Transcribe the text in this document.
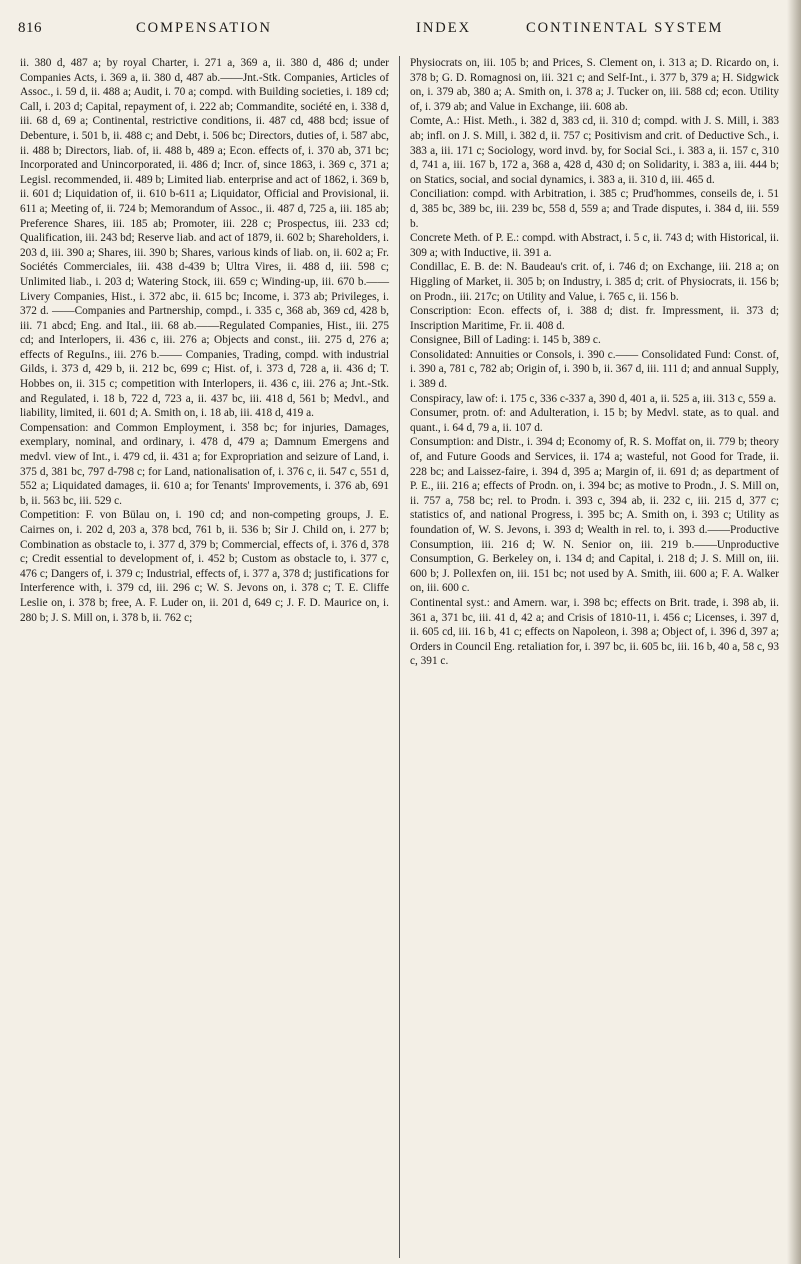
816	COMPENSATION	INDEX	CONTINENTAL SYSTEM

ii. 380 d, 487 a; by royal Charter, i. 271 a, 369 a, ii. 380 d, 486 d; under Companies Acts, i. 369 a, ii. 380 d, 487 ab.——Jnt.-Stk. Companies, Articles of Assoc., i. 59 d, ii. 488 a; Audit, i. 70 a; compd. with Building societies, i. 189 cd; Call, i. 203 d; Capital, repayment of, i. 222 ab; Commandite, société en, i. 338 d, iii. 68 d, 69 a; Continental, restrictive conditions, ii. 487 cd, 488 bcd; issue of Debenture, i. 501 b, ii. 488 c; and Debt, i. 506 bc; Directors, duties of, i. 587 abc, ii. 488 b; Directors, liab. of, ii. 488 b, 489 a; Econ. effects of, i. 370 ab, 371 bc; Incorporated and Unincorporated, ii. 486 d; Incr. of, since 1863, i. 369 c, 371 a; Legisl. recommended, ii. 489 b; Limited liab. enterprise and act of 1862, i. 369 b, ii. 601 d; Liquidation of, ii. 610 b-611 a; Liquidator, Official and Provisional, ii. 611 a; Meeting of, ii. 724 b; Memorandum of Assoc., ii. 487 d, 725 a, iii. 185 ab; Preference Shares, iii. 185 ab; Promoter, iii. 228 c; Prospectus, iii. 233 cd; Qualification, iii. 243 bd; Reserve liab. and act of 1879, ii. 602 b; Shareholders, i. 203 d, iii. 390 a; Shares, iii. 390 b; Shares, various kinds of liab. on, ii. 602 a; Fr. Sociétés Commerciales, iii. 438 d-439 b; Ultra Vires, ii. 488 d, iii. 598 c; Unlimited liab., i. 203 d; Watering Stock, iii. 659 c; Winding-up, iii. 670 b.—— Livery Companies, Hist., i. 372 abc, ii. 615 bc; Income, i. 373 ab; Privileges, i. 372 d. ——Companies and Partnership, compd., i. 335 c, 368 ab, 369 cd, 428 b, iii. 71 abcd; Eng. and Ital., iii. 68 ab.——Regulated Companies, Hist., iii. 275 cd; and Interlopers, ii. 436 c, iii. 276 a; Objects and const., iii. 275 d, 276 a; effects of ReguIns., iii. 276 b.—— Companies, Trading, compd. with industrial Gilds, i. 373 d, 429 b, ii. 212 bc, 699 c; Hist. of, i. 373 d, 728 a, ii. 436 d; T. Hobbes on, ii. 315 c; competition with Interlopers, ii. 436 c, iii. 276 a; Jnt.-Stk. and Regulated, i. 18 b, 722 d, 723 a, ii. 437 bc, iii. 418 d, 561 b; Medvl., and liability, limited, ii. 601 d; A. Smith on, i. 18 ab, iii. 418 d, 419 a.

Compensation: and Common Employment, i. 358 bc; for injuries, Damages, exemplary, nominal, and ordinary, i. 478 d, 479 a; Damnum Emergens and medvl. view of Int., i. 479 cd, ii. 431 a; for Expropriation and seizure of Land, i. 375 d, 381 bc, 797 d-798 c; for Land, nationalisation of, i. 376 c, ii. 547 c, 551 d, 552 a; Liquidated damages, ii. 610 a; for Tenants' Improvements, i. 376 ab, 691 b, ii. 563 bc, iii. 529 c.

Competition: F. von Bülau on, i. 190 cd; and non-competing groups, J. E. Cairnes on, i. 202 d, 203 a, 378 bcd, 761 b, ii. 536 b; Sir J. Child on, i. 277 b; Combination as obstacle to, i. 377 d, 379 b; Commercial, effects of, i. 376 d, 378 c; Credit essential to development of, i. 452 b; Custom as obstacle to, i. 377 c, 476 c; Dangers of, i. 379 c; Industrial, effects of, i. 377 a, 378 d; justifications for Interference with, i. 379 cd, iii. 296 c; W. S. Jevons on, i. 378 c; T. E. Cliffe Leslie on, i. 378 b; free, A. F. Luder on, ii. 201 d, 649 c; J. F. D. Maurice on, i. 280 b; J. S. Mill on, i. 378 b, ii. 762 c;

Physiocrats on, iii. 105 b; and Prices, S. Clement on, i. 313 a; D. Ricardo on, i. 378 b; G. D. Romagnosi on, iii. 321 c; and Self-Int., i. 377 b, 379 a; H. Sidgwick on, i. 379 ab, 380 a; A. Smith on, i. 378 a; J. Tucker on, iii. 588 cd; econ. Utility of, i. 379 ab; and Value in Exchange, iii. 608 ab.

Comte, A.: Hist. Meth., i. 382 d, 383 cd, ii. 310 d; compd. with J. S. Mill, i. 383 ab; infl. on J. S. Mill, i. 382 d, ii. 757 c; Positivism and crit. of Deductive Sch., i. 383 a, iii. 171 c; Sociology, word invd. by, for Social Sci., i. 383 a, ii. 157 c, 310 d, 741 a, iii. 167 b, 172 a, 368 a, 428 d, 430 d; on Solidarity, i. 383 a, iii. 444 b; on Statics, social, and social dynamics, i. 383 a, ii. 310 d, iii. 465 d.

Conciliation: compd. with Arbitration, i. 385 c; Prud'hommes, conseils de, i. 51 d, 385 bc, 389 bc, iii. 239 bc, 558 d, 559 a; and Trade disputes, i. 384 d, iii. 559 b.

Concrete Meth. of P. E.: compd. with Abstract, i. 5 c, ii. 743 d; with Historical, ii. 309 a; with Inductive, ii. 391 a.

Condillac, E. B. de: N. Baudeau's crit. of, i. 746 d; on Exchange, iii. 218 a; on Higgling of Market, ii. 305 b; on Industry, i. 385 d; crit. of Physiocrats, ii. 156 b; on Prodn., iii. 217c; on Utility and Value, i. 765 c, ii. 156 b.

Conscription: Econ. effects of, i. 388 d; dist. fr. Impressment, ii. 373 d; Inscription Maritime, Fr. ii. 408 d.

Consignee, Bill of Lading: i. 145 b, 389 c.

Consolidated: Annuities or Consols, i. 390 c.—— Consolidated Fund: Const. of, i. 390 a, 781 c, 782 ab; Origin of, i. 390 b, ii. 367 d, iii. 111 d; and annual Supply, i. 389 d.

Conspiracy, law of: i. 175 c, 336 c-337 a, 390 d, 401 a, ii. 525 a, iii. 313 c, 559 a.

Consumer, protn. of: and Adulteration, i. 15 b; by Medvl. state, as to qual. and quant., i. 64 d, 79 a, ii. 107 d.

Consumption: and Distr., i. 394 d; Economy of, R. S. Moffat on, ii. 779 b; theory of, and Future Goods and Services, ii. 174 a; wasteful, not Good for Trade, ii. 228 bc; and Laissez-faire, i. 394 d, 395 a; Margin of, ii. 691 d; as department of P. E., iii. 216 a; effects of Prodn. on, i. 394 bc; as motive to Prodn., J. S. Mill on, ii. 757 a, 758 bc; rel. to Prodn. i. 393 c, 394 ab, ii. 232 c, iii. 215 d, 377 c; statistics of, and national Progress, i. 395 bc; A. Smith on, i. 393 c; Utility as foundation of, W. S. Jevons, i. 393 d; Wealth in rel. to, i. 393 d.——Productive Consumption, iii. 216 d; W. N. Senior on, iii. 219 b.——Unproductive Consumption, G. Berkeley on, i. 134 d; and Capital, i. 218 d; J. S. Mill on, iii. 600 b; J. Pollexfen on, iii. 151 bc; not used by A. Smith, iii. 600 a; F. A. Walker on, iii. 600 c.

Continental syst.: and Amern. war, i. 398 bc; effects on Brit. trade, i. 398 ab, ii. 361 a, 371 bc, iii. 41 d, 42 a; and Crisis of 1810-11, i. 456 c; Licenses, i. 397 d, ii. 605 cd, iii. 16 b, 41 c; effects on Napoleon, i. 398 a; Object of, i. 396 d, 397 a; Orders in Council Eng. retaliation for, i. 397 bc, ii. 605 bc, iii. 16 b, 40 a, 58 c, 93 c, 391 c.
